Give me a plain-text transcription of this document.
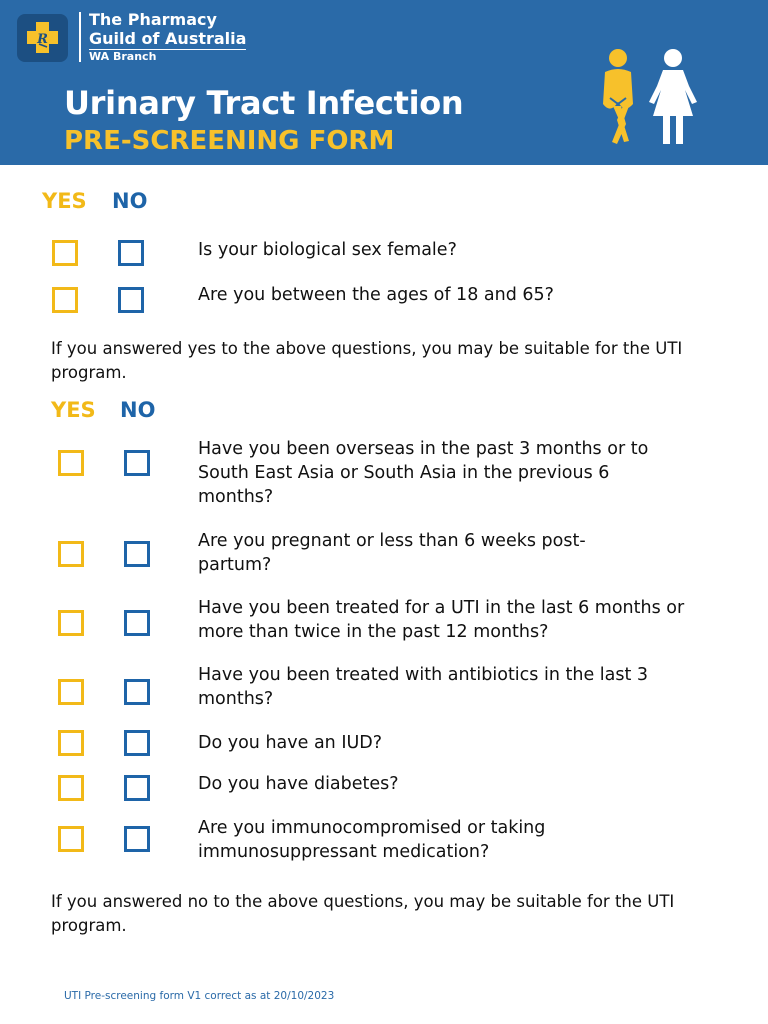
R
The Pharmacy
Guild of Australia
WA Branch
Urinary Tract Infection
PRE-SCREENING FORM
YES NO
Is your biological sex female?
Are you between the ages of 18 and 65?
If you answered yes to the above questions, you may be suitable for the UTI program.
YES NO
Have you been overseas in the past 3 months or to South East Asia or South Asia in the previous 6 months?
Are you pregnant or less than 6 weeks post-partum?
Have you been treated for a UTI in the last 6 months or more than twice in the past 12 months?
Have you been treated with antibiotics in the last 3 months?
Do you have an IUD?
Do you have diabetes?
Are you immunocompromised or taking immunosuppressant medication?
If you answered no to the above questions, you may be suitable for the UTI program.
UTI Pre-screening form V1 correct as at 20/10/2023
